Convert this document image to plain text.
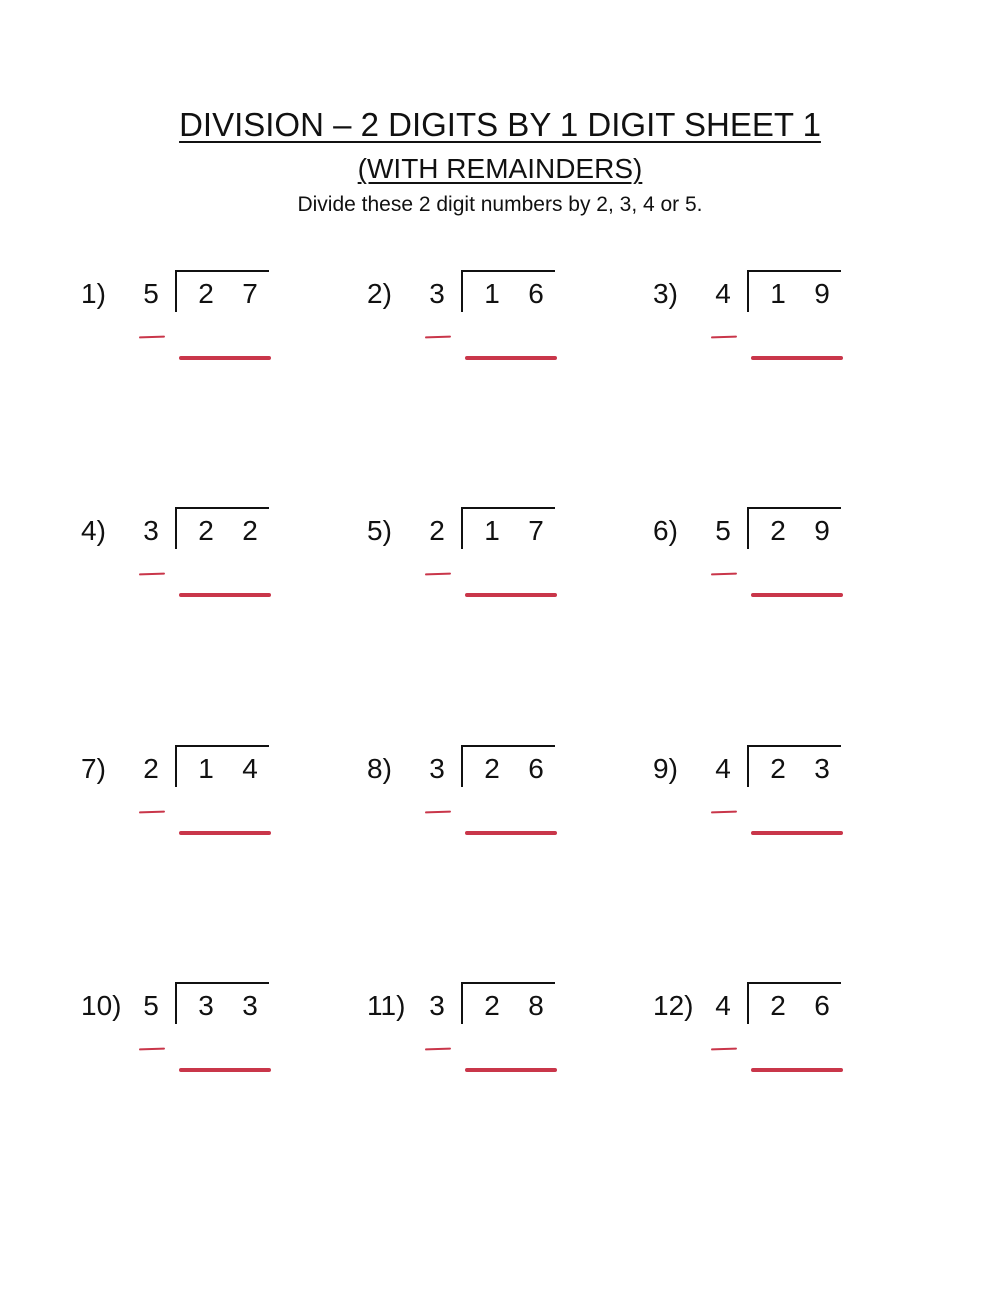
DIVISION – 2 DIGITS BY 1 DIGIT SHEET 1
(WITH REMAINDERS)

Divide these 2 digit numbers by 2, 3, 4 or 5.

1) 5 2 7	2) 3 1 6	3) 4 1 9
4) 3 2 2	5) 2 1 7	6) 5 2 9
7) 2 1 4	8) 3 2 6	9) 4 2 3
10) 5 3 3	11) 3 2 8	12) 4 2 6
